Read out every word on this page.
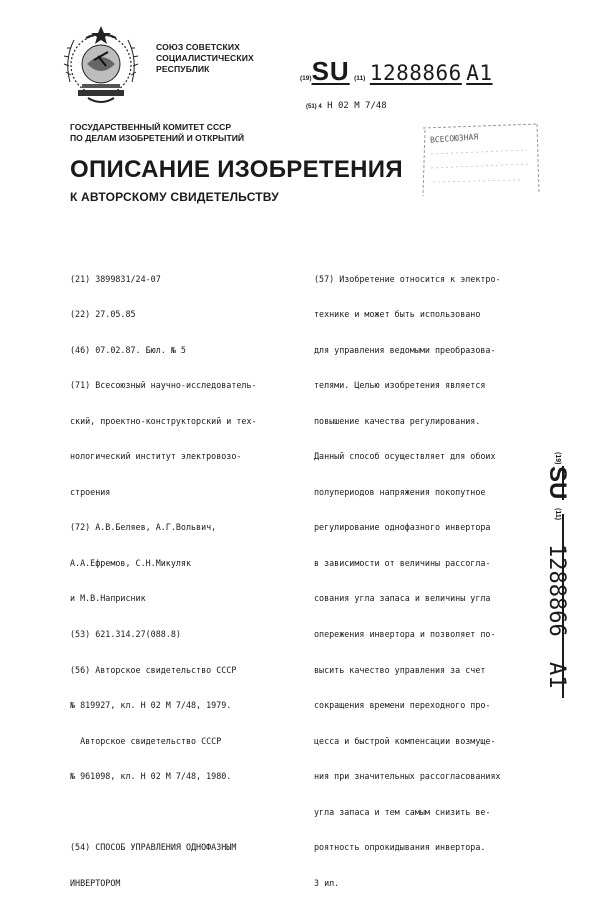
СОЮЗ СОВЕТСКИХ
СОЦИАЛИСТИЧЕСКИХ
РЕСПУБЛИК
(19)SU (11) 1288866 A1
(51) 4 Н 02 М 7/48
ГОСУДАРСТВЕННЫЙ КОМИТЕТ СССР
ПО ДЕЛАМ ИЗОБРЕТЕНИЙ И ОТКРЫТИЙ	ВСЕСОЮЗНАЯ
ОПИСАНИЕ ИЗОБРЕТЕНИЯ
К АВТОРСКОМУ СВИДЕТЕЛЬСТВУ

(21) 3899831/24-07

(22) 27.05.85

(46) 07.02.87. Бюл. № 5

(71) Всесоюзный научно-исследователь-

ский, проектно-конструкторский и тех-

нологический институт электровозо-

строения

(72) А.В.Беляев, А.Г.Вольвич,

А.А.Ефремов, С.Н.Микуляк

и М.В.Наприсник

(53) 621.314.27(088.8)

(56) Авторское свидетельство СССР

№ 819927, кл. Н 02 М 7/48, 1979.

Авторское свидетельство СССР

№ 961098, кл. Н 02 М 7/48, 1980.

(54) СПОСОБ УПРАВЛЕНИЯ ОДНОФАЗНЫМ

ИНВЕРТОРОМ

(57) Изобретение относится к электро-

технике и может быть использовано

для управления ведомыми преобразова-

телями. Целью изобретения является

повышение качества регулирования.

Данный способ осуществляет для обоих

полупериодов напряжения покопутное

регулирование однофазного инвертора

в зависимости от величины рассогла-

сования угла запаса и величины угла

опережения инвертора и позволяет по-

высить качество управления за счет

сокращения времени переходного про-

цесса и быстрой компенсации возмуще-

ния при значительных рассогласованиях

угла запаса и тем самым снизить ве-

роятность опрокидывания инвертора.

3 ил.

(19)
SU
(11)
1288866
A1
